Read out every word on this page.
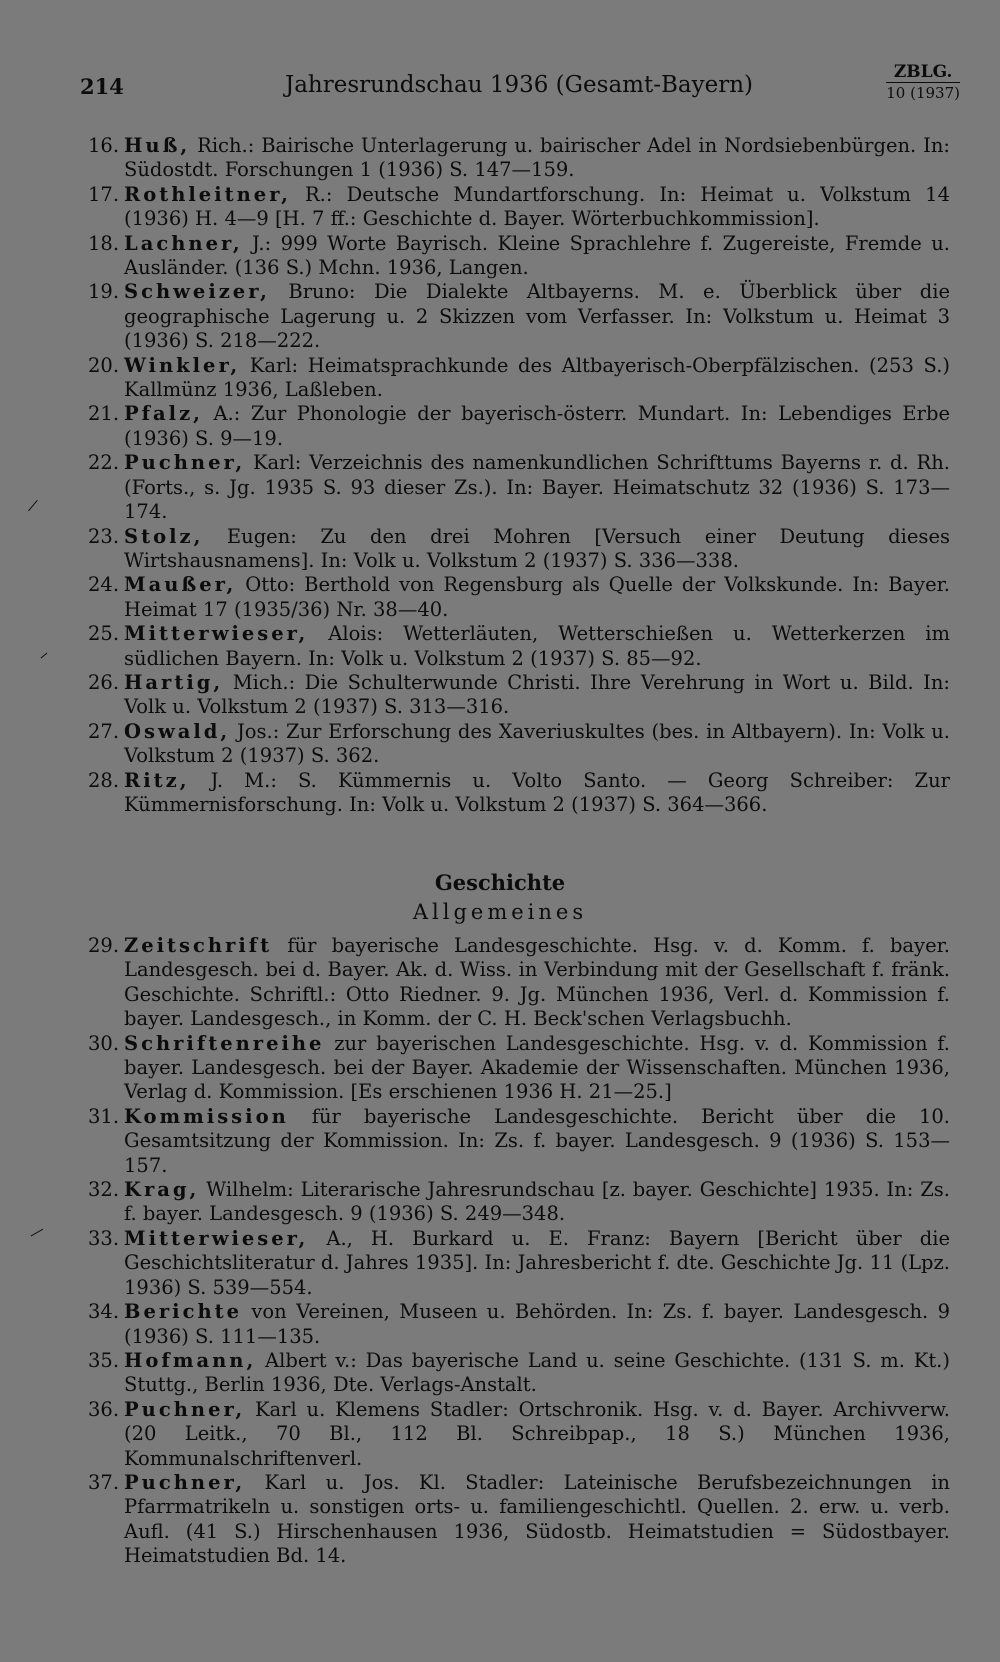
214	Jahresrundschau 1936 (Gesamt-Bayern)	ZBLG.
10 (1937)

16. Huß, Rich.: Bairische Unterlagerung u. bairischer Adel in Nordsiebenbürgen. In: Südostdt. Forschungen 1 (1936) S. 147—159.

17. Rothleitner, R.: Deutsche Mundartforschung. In: Heimat u. Volkstum 14 (1936) H. 4—9 [H. 7 ff.: Geschichte d. Bayer. Wörterbuchkommission].

18. Lachner, J.: 999 Worte Bayrisch. Kleine Sprachlehre f. Zugereiste, Fremde u. Ausländer. (136 S.) Mchn. 1936, Langen.

19. Schweizer, Bruno: Die Dialekte Altbayerns. M. e. Überblick über die geographische Lagerung u. 2 Skizzen vom Verfasser. In: Volkstum u. Heimat 3 (1936) S. 218—222.

20. Winkler, Karl: Heimatsprachkunde des Altbayerisch-Oberpfälzischen. (253 S.) Kallmünz 1936, Laßleben.

21. Pfalz, A.: Zur Phonologie der bayerisch-österr. Mundart. In: Lebendiges Erbe (1936) S. 9—19.

22. Puchner, Karl: Verzeichnis des namenkundlichen Schrifttums Bayerns r. d. Rh. (Forts., s. Jg. 1935 S. 93 dieser Zs.). In: Bayer. Heimatschutz 32 (1936) S. 173—174.

23. Stolz, Eugen: Zu den drei Mohren [Versuch einer Deutung dieses Wirtshausnamens]. In: Volk u. Volkstum 2 (1937) S. 336—338.

24. Maußer, Otto: Berthold von Regensburg als Quelle der Volkskunde. In: Bayer. Heimat 17 (1935/36) Nr. 38—40.

25. Mitterwieser, Alois: Wetterläuten, Wetterschießen u. Wetterkerzen im südlichen Bayern. In: Volk u. Volkstum 2 (1937) S. 85—92.

26. Hartig, Mich.: Die Schulterwunde Christi. Ihre Verehrung in Wort u. Bild. In: Volk u. Volkstum 2 (1937) S. 313—316.

27. Oswald, Jos.: Zur Erforschung des Xaveriuskultes (bes. in Altbayern). In: Volk u. Volkstum 2 (1937) S. 362.

28. Ritz, J. M.: S. Kümmernis u. Volto Santo. — Georg Schreiber: Zur Kümmernisforschung. In: Volk u. Volkstum 2 (1937) S. 364—366.

Geschichte
Allgemeines

29. Zeitschrift für bayerische Landesgeschichte. Hsg. v. d. Komm. f. bayer. Landesgesch. bei d. Bayer. Ak. d. Wiss. in Verbindung mit der Gesellschaft f. fränk. Geschichte. Schriftl.: Otto Riedner. 9. Jg. München 1936, Verl. d. Kommission f. bayer. Landesgesch., in Komm. der C. H. Beck'schen Verlagsbuchh.

30. Schriftenreihe zur bayerischen Landesgeschichte. Hsg. v. d. Kommission f. bayer. Landesgesch. bei der Bayer. Akademie der Wissenschaften. München 1936, Verlag d. Kommission. [Es erschienen 1936 H. 21—25.]

31. Kommission für bayerische Landesgeschichte. Bericht über die 10. Gesamtsitzung der Kommission. In: Zs. f. bayer. Landesgesch. 9 (1936) S. 153—157.

32. Krag, Wilhelm: Literarische Jahresrundschau [z. bayer. Geschichte] 1935. In: Zs. f. bayer. Landesgesch. 9 (1936) S. 249—348.

33. Mitterwieser, A., H. Burkard u. E. Franz: Bayern [Bericht über die Geschichtsliteratur d. Jahres 1935]. In: Jahresbericht f. dte. Geschichte Jg. 11 (Lpz. 1936) S. 539—554.

34. Berichte von Vereinen, Museen u. Behörden. In: Zs. f. bayer. Landesgesch. 9 (1936) S. 111—135.

35. Hofmann, Albert v.: Das bayerische Land u. seine Geschichte. (131 S. m. Kt.) Stuttg., Berlin 1936, Dte. Verlags-Anstalt.

36. Puchner, Karl u. Klemens Stadler: Ortschronik. Hsg. v. d. Bayer. Archivverw. (20 Leitk., 70 Bl., 112 Bl. Schreibpap., 18 S.) München 1936, Kommunalschriftenverl.

37. Puchner, Karl u. Jos. Kl. Stadler: Lateinische Berufsbezeichnungen in Pfarrmatrikeln u. sonstigen orts- u. familiengeschichtl. Quellen. 2. erw. u. verb. Aufl. (41 S.) Hirschenhausen 1936, Südostb. Heimatstudien = Südostbayer. Heimatstudien Bd. 14.
